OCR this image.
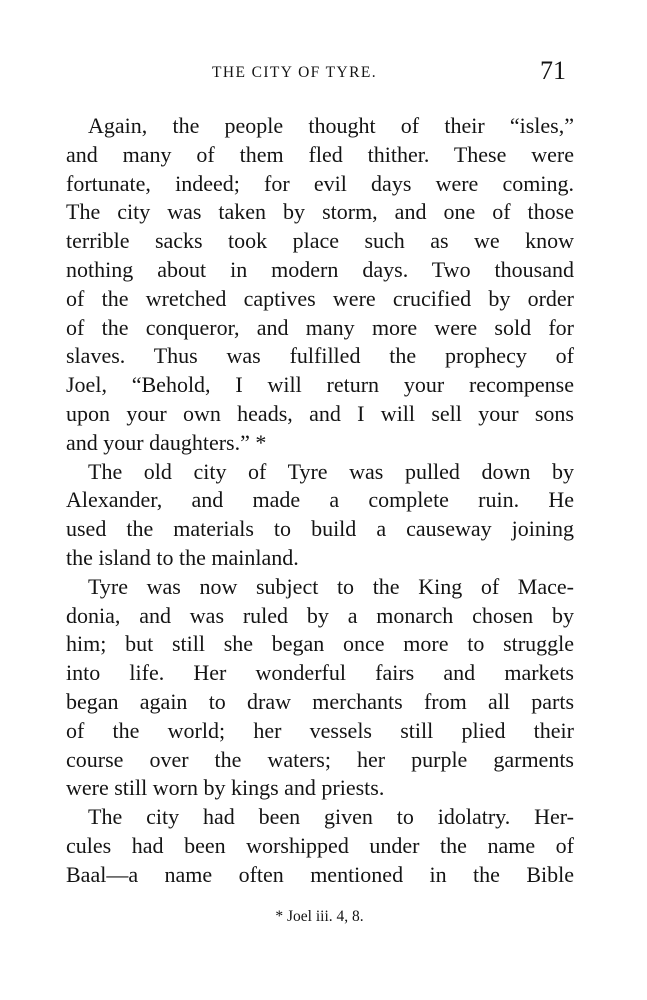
THE CITY OF TYRE.	71

Again, the people thought of their “isles,”
and many of them fled thither. These were
fortunate, indeed; for evil days were coming.
The city was taken by storm, and one of those
terrible sacks took place such as we know
nothing about in modern days. Two thousand
of the wretched captives were crucified by order
of the conqueror, and many more were sold for
slaves. Thus was fulfilled the prophecy of
Joel, “Behold, I will return your recompense
upon your own heads, and I will sell your sons
and your daughters.” *

The old city of Tyre was pulled down by
Alexander, and made a complete ruin. He
used the materials to build a causeway joining
the island to the mainland.

Tyre was now subject to the King of Mace-
donia, and was ruled by a monarch chosen by
him; but still she began once more to struggle
into life. Her wonderful fairs and markets
began again to draw merchants from all parts
of the world; her vessels still plied their
course over the waters; her purple garments
were still worn by kings and priests.

The city had been given to idolatry. Her-
cules had been worshipped under the name of
Baal—a name often mentioned in the Bible

* Joel iii. 4, 8.
